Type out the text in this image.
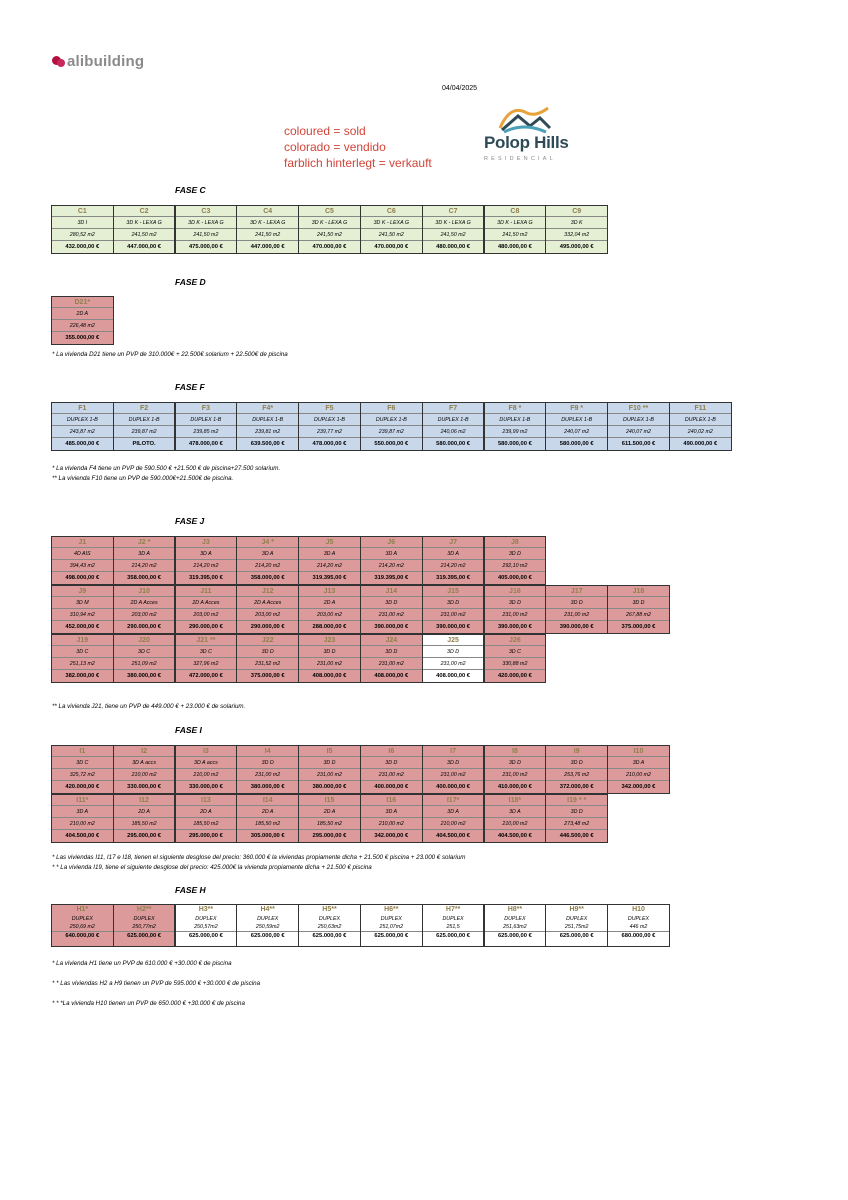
alibuilding
04/04/2025
coloured = sold
colorado = vendido
farblich hinterlegt = verkauft
Polop Hills
RESIDENCIAL
FASE C
FASE D
FASE F
FASE J
FASE I
FASE H
C1
3D I
280,52 m2
432.000,00 €
C2
3D K - LEXA G
241,50 m2
447.000,00 €
C3
3D K - LEXA G
241,50 m2
475.000,00 €
C4
3D K - LEXA G
241,50 m2
447.000,00 €
C5
3D K - LEXA G
241,50 m2
470.000,00 €
C6
3D K - LEXA G
241,50 m2
470.000,00 €
C7
3D K - LEXA G
241,50 m2
480.000,00 €
C8
3D K - LEXA G
241,50 m2
480.000,00 €
C9
3D K
332,04 m2
495.000,00 €
D21*
2D A
226,48 m2
355.000,00 €
F1
DUPLEX 1-B
243,87 m2
485.000,00 €
F2
DUPLEX 1-B
239,87 m2
PILOTO.
F3
DUPLEX 1-B
239,85 m2
478.000,00 €
F4*
DUPLEX 1-B
239,81 m2
639.500,00 €
F5
DUPLEX 1-B
239,77 m2
478.000,00 €
F6
DUPLEX 1-B
239,87 m2
550.000,00 €
F7
DUPLEX 1-B
240,06 m2
580.000,00 €
F8 *
DUPLEX 1-B
239,99 m2
580.000,00 €
F9 *
DUPLEX 1-B
240,07 m2
580.000,00 €
F10 **
DUPLEX 1-B
240,07 m2
611.500,00 €
F11
DUPLEX 1-B
240,02 m2
490.000,00 €
J1
4D AIS
394,43 m2
498.000,00 €
J2 *
3D A
214,20 m2
358.000,00 €
J3
3D A
214,20 m2
319.395,00 €
J4 *
3D A
214,20 m2
358.000,00 €
J5
3D A
214,20 m2
319.395,00 €
J6
3D A
214,20 m2
319.395,00 €
J7
3D A
214,20 m2
319.395,00 €
J8
3D D
292,10 m2
405.000,00 €
J9
3D M
310,94 m2
452.000,00 €
J10
2D A Acces
203,00 m2
290.000,00 €
J11
2D A Acces
203,00 m2
290.000,00 €
J12
2D A Acces
203,00 m2
290.000,00 €
J13
2D A
203,00 m2
288.000,00 €
J14
3D D
231,00 m2
390.000,00 €
J15
3D D
231,00 m2
390.000,00 €
J16
3D D
231,00 m2
390.000,00 €
J17
3D D
231,00 m2
390.000,00 €
J18
3D D
267,88 m2
375.000,00 €
J19
3D C
251,13 m2
382.000,00 €
J20
3D C
251,09 m2
380.000,00 €
J21 **
3D C
327,96 m2
472.000,00 €
J22
3D D
231,52 m2
375.000,00 €
J23
3D D
231,00 m2
408.000,00 €
J24
3D D
231,00 m2
408.000,00 €
J25
3D D
231,00 m2
408.000,00 €
J26
3D C
330,88 m2
420.000,00 €
I1
3D C
325,72 m2
420.000,00 €
I2
3D A accs
210,00 m2
330.000,00 €
I3
3D A accs
210,00 m2
330.000,00 €
I4
3D D
231,00 m2
380.000,00 €
I5
3D D
231,00 m2
380.000,00 €
I6
3D D
231,00 m2
400.000,00 €
I7
3D D
231,00 m2
400.000,00 €
I8
3D D
231,00 m2
410.000,00 €
I9
3D D
253,76 m2
372.000,00 €
I10
3D A
210,00 m2
342.000,00 €
I11*
3D A
210,00 m2
404.500,00 €
I12
2D A
185,50 m2
295.000,00 €
I13
2D A
185,50 m2
295.000,00 €
I14
2D A
185,50 m2
305.000,00 €
I15
2D A
185,50 m2
295.000,00 €
I16
3D A
210,00 m2
342.000,00 €
I17*
3D A
210,00 m2
404.500,00 €
I18*
3D A
210,00 m2
404.500,00 €
I19 * *
3D D
273,48 m2
446.500,00 €
H1*
DUPLEX
250,69 m2
640.000,00 €
H2**
DUPLEX
250,77m2
625.000,00 €
H3**
DUPLEX
250,57m2
625.000,00 €
H4**
DUPLEX
250,59m2
625.000,00 €
H5**
DUPLEX
250,63m2
625.000,00 €
H6**
DUPLEX
251,07m2
625.000,00 €
H7**
DUPLEX
251,5
625.000,00 €
H8**
DUPLEX
251,63m2
625.000,00 €
H9**
DUPLEX
251,75m2
625.000,00 €
H10
DUPLEX
446 m2
680.000,00 €
* La vivienda D21 tiene un PVP de 310.000€ + 22.500€ solarium + 22.500€ de piscina
* La vivienda F4 tiene un PVP de 590.500 € +21.500 € de piscina+27.500 solarium.
** La vivienda F10 tiene un PVP de 590.000€+21.500€ de piscina.
** La vivienda J21, tiene un PVP de 449.000 € + 23.000 € de solarium.
* Las viviendas I11, I17 e I18, tienen el siguiente desglose del precio: 360.000 € la viviendas propiamente dicha + 21.500 € piscina + 23.000 € solarium
* * La vivienda I19, tiene el siguiente desglose del precio: 425.000€ la vivienda propiamente dicha + 21.500 € piscina
* La vivienda H1 tiene un PVP de 610.000 € +30.000 € de piscina
* * Las viviendas H2 a H9 tienen un PVP de 595.000 € +30.000 € de piscina
* * *La vivienda H10 tienen un PVP de 650.000 € +30.000 € de piscina
